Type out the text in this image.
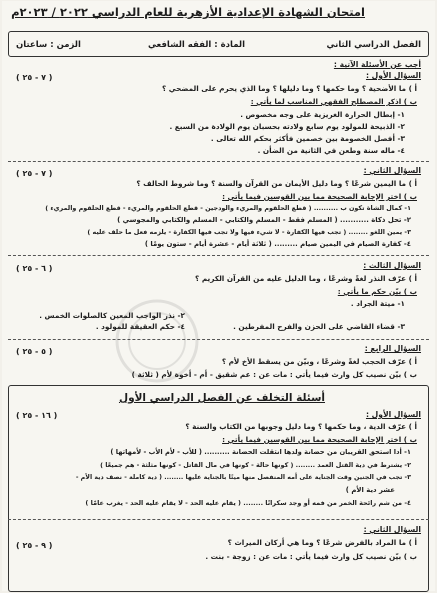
امتحان الشهادة الإعدادية الأزهرية للعام الدراسي ٢٠٢٢ / ٢٠٢٣م
الفصل الدراسي الثاني
المادة : الفقه الشافعي
الزمن : ساعتان
أجب عن الأسئلة الآتية :
السؤال الأول :
( ٧ - ٢٥ )
أ ) ما الأضحية ؟ وما حكمها ؟ وما دليلها ؟ وما الذي يحرم على المضحي ؟
ب ) اذكر المصطلح الفقهي المناسب لما يأتي :
١- إبطال الحرارة الغريزية على وجه مخصوص .
٢- الذبيحة للمولود يوم سابع ولادته بحسبان يوم الولادة من السبع .
٣- أفصل الخصومة بين خصمين فأكثر بحكم الله تعالى .
٤- ماله سنة وطعن في الثانية من الضأن .
السؤال الثاني :
( ٧ - ٢٥ )
أ ) ما اليمين شرعًا ؟ وما دليل الأيمان من القرآن والسنة ؟ وما شروط الحالف ؟
ب ) اختر الإجابة الصحيحة مما بين القوسين فيما يأتي :
١- كمال الشاة تكون ب .......... ( قطع الحلقوم والمريء والودجين - قطع الحلقوم والمريء - قطع الحلقوم والمريء )
٢- تحل ذكاة ........... ( المسلم فقط - المسلم والكتابي - المسلم والكتابي والمجوسي )
٣- يمين اللغو ........ ( تجب فيها الكفارة - لا شيء فيها ولا تجب فيها الكفارة - يلزمه فعل ما حلف عليه )
٤- كفارة الصيام في اليمين صيام ......... ( ثلاثة أيام - عشرة أيام - ستون يومًا )
السؤال الثالث :
( ٦ - ٢٥ )
أ ) عرّف النذر لغةً وشرعًا ، وما الدليل عليه من القرآن الكريم ؟
ب ) بيّن حكم ما يأتي :
١- ميتة الجراد .
٢- نذر الواجب المعين كالصلوات الخمس .
٣- قضاء القاضي على الحزن والفرح المفرطين .
٤- حكم العقيقة للمولود .
السؤال الرابع :
( ٥ - ٢٥ )
أ ) عرّف الحجب لغةً وشرعًا ، وبيّن من يسقط الأخ لأم ؟
ب ) بيّن نصيب كل وارث فيما يأتي : مات عن : عم شقيق - أم - أخوة لأم ( ثلاثة )
أسئلة التخلف عن الفصل الدراسي الأول
السؤال الأول :
( ١٦ - ٢٥ )
أ ) عرّف الدية ، وما حكمها ؟ وما دليل وجوبها من الكتاب والسنة ؟
ب ) اختر الإجابة الصحيحة مما بين القوسين فيما يأتي :
١- أدا استحق القريبان من حضانة ولدها انتقلت الحضانة .......... ( للأب - لأم الأب - لأمهاتها )
٢- يشترط في دية القتل العمد ........ ( كونها حالة - كونها في مال القاتل - كونها مثلثة - هم جميعًا )
٣- تجب في الجنين وقت الجناية على أمه المنفصل منها ميتًا بالجناية عليها ........ ( دية كاملة - نصف دية الأم -
عشر دية الأم )
٤- من شم رائحة الخمر من فمه أو وجد سكرانًا ........ ( يقام عليه الحد - لا يقام عليه الحد - يغرب عامًا )
السؤال الثاني :
( ٩ - ٢٥ )	أ ) ما المراد بالفرض شرعًا ؟ وما هي أركان الميراث ؟
ب ) بيّن نصيب كل وارث فيما يأتي : مات عن : زوجة - بنت .
